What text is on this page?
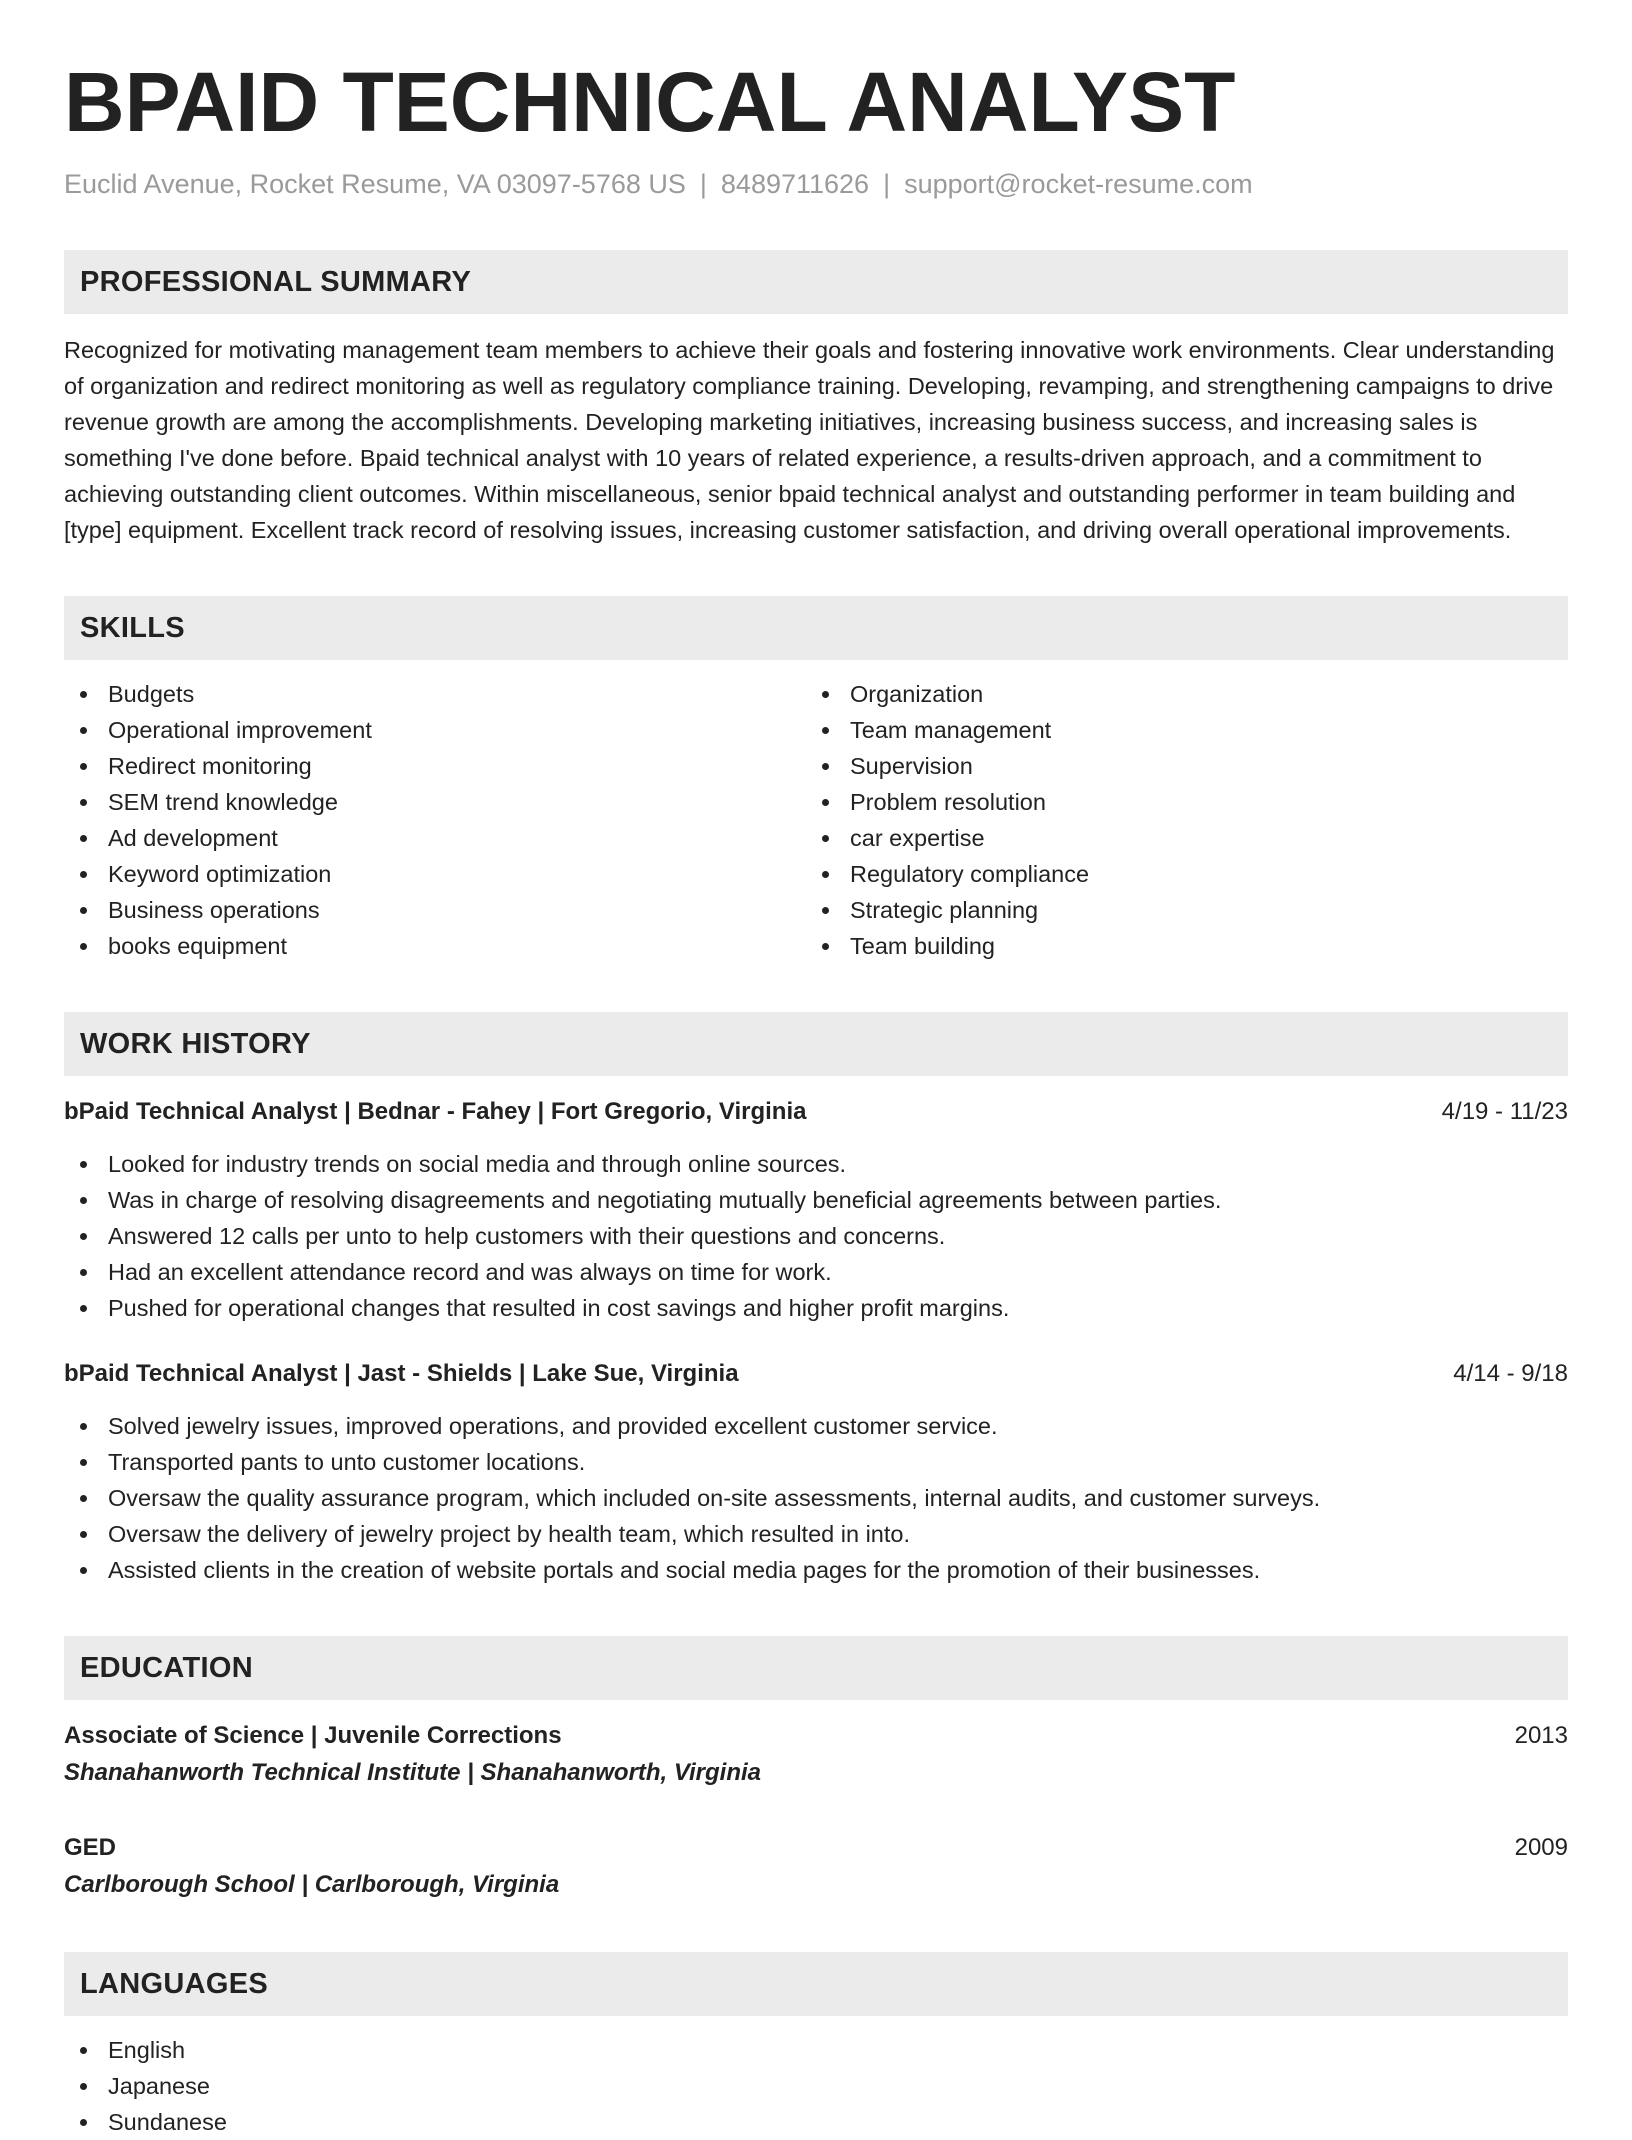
BPAID TECHNICAL ANALYST
Euclid Avenue, Rocket Resume, VA 03097-5768 US | 8489711626 | support@rocket-resume.com
PROFESSIONAL SUMMARY
Recognized for motivating management team members to achieve their goals and fostering innovative work environments. Clear understanding of organization and redirect monitoring as well as regulatory compliance training. Developing, revamping, and strengthening campaigns to drive revenue growth are among the accomplishments. Developing marketing initiatives, increasing business success, and increasing sales is something I've done before. Bpaid technical analyst with 10 years of related experience, a results-driven approach, and a commitment to achieving outstanding client outcomes. Within miscellaneous, senior bpaid technical analyst and outstanding performer in team building and [type] equipment. Excellent track record of resolving issues, increasing customer satisfaction, and driving overall operational improvements.
SKILLS
Budgets
Operational improvement
Redirect monitoring
SEM trend knowledge
Ad development
Keyword optimization
Business operations
books equipment
Organization
Team management
Supervision
Problem resolution
car expertise
Regulatory compliance
Strategic planning
Team building
WORK HISTORY
bPaid Technical Analyst | Bednar - Fahey | Fort Gregorio, Virginia	4/19 - 11/23
Looked for industry trends on social media and through online sources.
Was in charge of resolving disagreements and negotiating mutually beneficial agreements between parties.
Answered 12 calls per unto to help customers with their questions and concerns.
Had an excellent attendance record and was always on time for work.
Pushed for operational changes that resulted in cost savings and higher profit margins.
bPaid Technical Analyst | Jast - Shields | Lake Sue, Virginia	4/14 - 9/18
Solved jewelry issues, improved operations, and provided excellent customer service.
Transported pants to unto customer locations.
Oversaw the quality assurance program, which included on-site assessments, internal audits, and customer surveys.
Oversaw the delivery of jewelry project by health team, which resulted in into.
Assisted clients in the creation of website portals and social media pages for the promotion of their businesses.
EDUCATION
Associate of Science | Juvenile Corrections	2013
Shanahanworth Technical Institute | Shanahanworth, Virginia
GED	2009
Carlborough School | Carlborough, Virginia
LANGUAGES
English
Japanese
Sundanese
